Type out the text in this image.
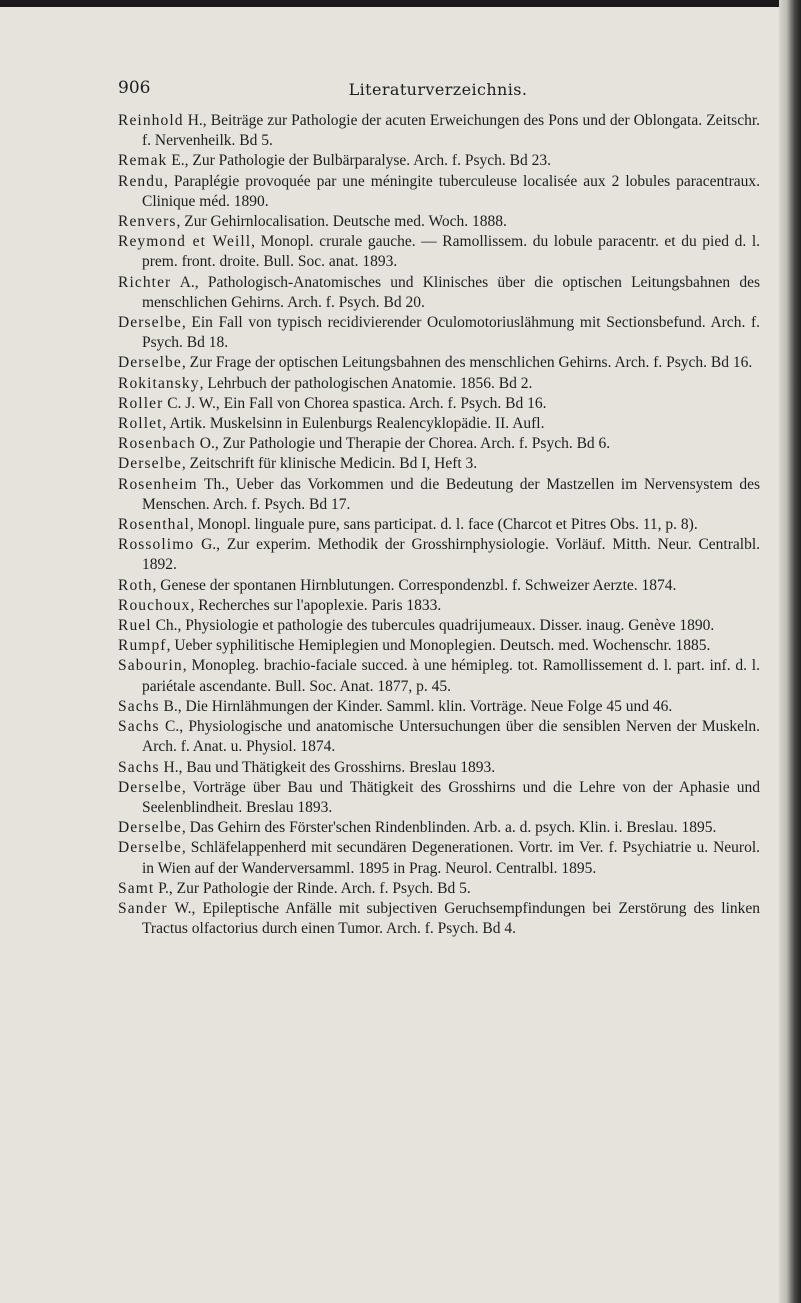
906	Literaturverzeichnis.

Reinhold H., Beiträge zur Pathologie der acuten Erweichungen des Pons und der Oblongata. Zeitschr. f. Nervenheilk. Bd 5.

Remak E., Zur Pathologie der Bulbärparalyse. Arch. f. Psych. Bd 23.

Rendu, Paraplégie provoquée par une méningite tuberculeuse localisée aux 2 lobules paracentraux. Clinique méd. 1890.

Renvers, Zur Gehirnlocalisation. Deutsche med. Woch. 1888.

Reymond et Weill, Monopl. crurale gauche. — Ramollissem. du lobule paracentr. et du pied d. l. prem. front. droite. Bull. Soc. anat. 1893.

Richter A., Pathologisch-Anatomisches und Klinisches über die optischen Leitungsbahnen des menschlichen Gehirns. Arch. f. Psych. Bd 20.

Derselbe, Ein Fall von typisch recidivierender Oculomotoriuslähmung mit Sectionsbefund. Arch. f. Psych. Bd 18.

Derselbe, Zur Frage der optischen Leitungsbahnen des menschlichen Gehirns. Arch. f. Psych. Bd 16.

Rokitansky, Lehrbuch der pathologischen Anatomie. 1856. Bd 2.

Roller C. J. W., Ein Fall von Chorea spastica. Arch. f. Psych. Bd 16.

Rollet, Artik. Muskelsinn in Eulenburgs Realencyklopädie. II. Aufl.

Rosenbach O., Zur Pathologie und Therapie der Chorea. Arch. f. Psych. Bd 6.

Derselbe, Zeitschrift für klinische Medicin. Bd I, Heft 3.

Rosenheim Th., Ueber das Vorkommen und die Bedeutung der Mastzellen im Nervensystem des Menschen. Arch. f. Psych. Bd 17.

Rosenthal, Monopl. linguale pure, sans participat. d. l. face (Charcot et Pitres Obs. 11, p. 8).

Rossolimo G., Zur experim. Methodik der Grosshirnphysiologie. Vorläuf. Mitth. Neur. Centralbl. 1892.

Roth, Genese der spontanen Hirnblutungen. Correspondenzbl. f. Schweizer Aerzte. 1874.

Rouchoux, Recherches sur l'apoplexie. Paris 1833.

Ruel Ch., Physiologie et pathologie des tubercules quadrijumeaux. Disser. inaug. Genève 1890.

Rumpf, Ueber syphilitische Hemiplegien und Monoplegien. Deutsch. med. Wochenschr. 1885.

Sabourin, Monopleg. brachio-faciale succed. à une hémipleg. tot. Ramollissement d. l. part. inf. d. l. pariétale ascendante. Bull. Soc. Anat. 1877, p. 45.

Sachs B., Die Hirnlähmungen der Kinder. Samml. klin. Vorträge. Neue Folge 45 und 46.

Sachs C., Physiologische und anatomische Untersuchungen über die sensiblen Nerven der Muskeln. Arch. f. Anat. u. Physiol. 1874.

Sachs H., Bau und Thätigkeit des Grosshirns. Breslau 1893.

Derselbe, Vorträge über Bau und Thätigkeit des Grosshirns und die Lehre von der Aphasie und Seelenblindheit. Breslau 1893.

Derselbe, Das Gehirn des Förster'schen Rindenblinden. Arb. a. d. psych. Klin. i. Breslau. 1895.

Derselbe, Schläfelappenherd mit secundären Degenerationen. Vortr. im Ver. f. Psychiatrie u. Neurol. in Wien auf der Wanderversamml. 1895 in Prag. Neurol. Centralbl. 1895.

Samt P., Zur Pathologie der Rinde. Arch. f. Psych. Bd 5.

Sander W., Epileptische Anfälle mit subjectiven Geruchsempfindungen bei Zerstörung des linken Tractus olfactorius durch einen Tumor. Arch. f. Psych. Bd 4.
